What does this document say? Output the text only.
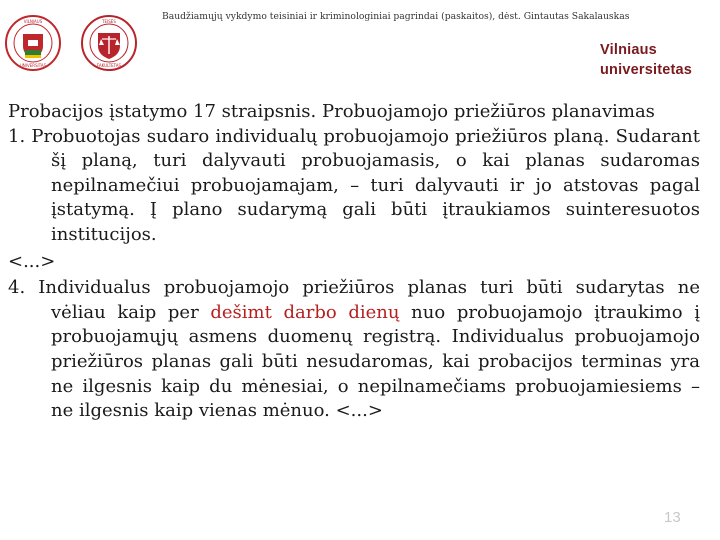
VILNIAUS
UNIVERSITAS
TEISĖS
FAKULTETAS
Baudžiamųjų vykdymo teisiniai ir kriminologiniai pagrindai (paskaitos), dėst. Gintautas Sakalauskas
Vilniaus
universitetas

Probacijos įstatymo 17 straipsnis. Probuojamojo priežiūros planavimas

1. Probuotojas sudaro individualų probuojamojo priežiūros planą. Sudarant šį planą, turi dalyvauti probuojamasis, o kai planas sudaromas nepilnamečiui probuojamajam, – turi dalyvauti ir jo atstovas pagal įstatymą. Į plano sudarymą gali būti įtraukiamos suinteresuotos institucijos.

<...>

4. Individualus probuojamojo priežiūros planas turi būti sudarytas ne vėliau kaip per dešimt darbo dienų nuo probuojamojo įtraukimo į probuojamųjų asmens duomenų registrą. Individualus probuojamojo priežiūros planas gali būti nesudaromas, kai probacijos terminas yra ne ilgesnis kaip du mėnesiai, o nepilnamečiams probuojamiesiems – ne ilgesnis kaip vienas mėnuo. <...>

13
